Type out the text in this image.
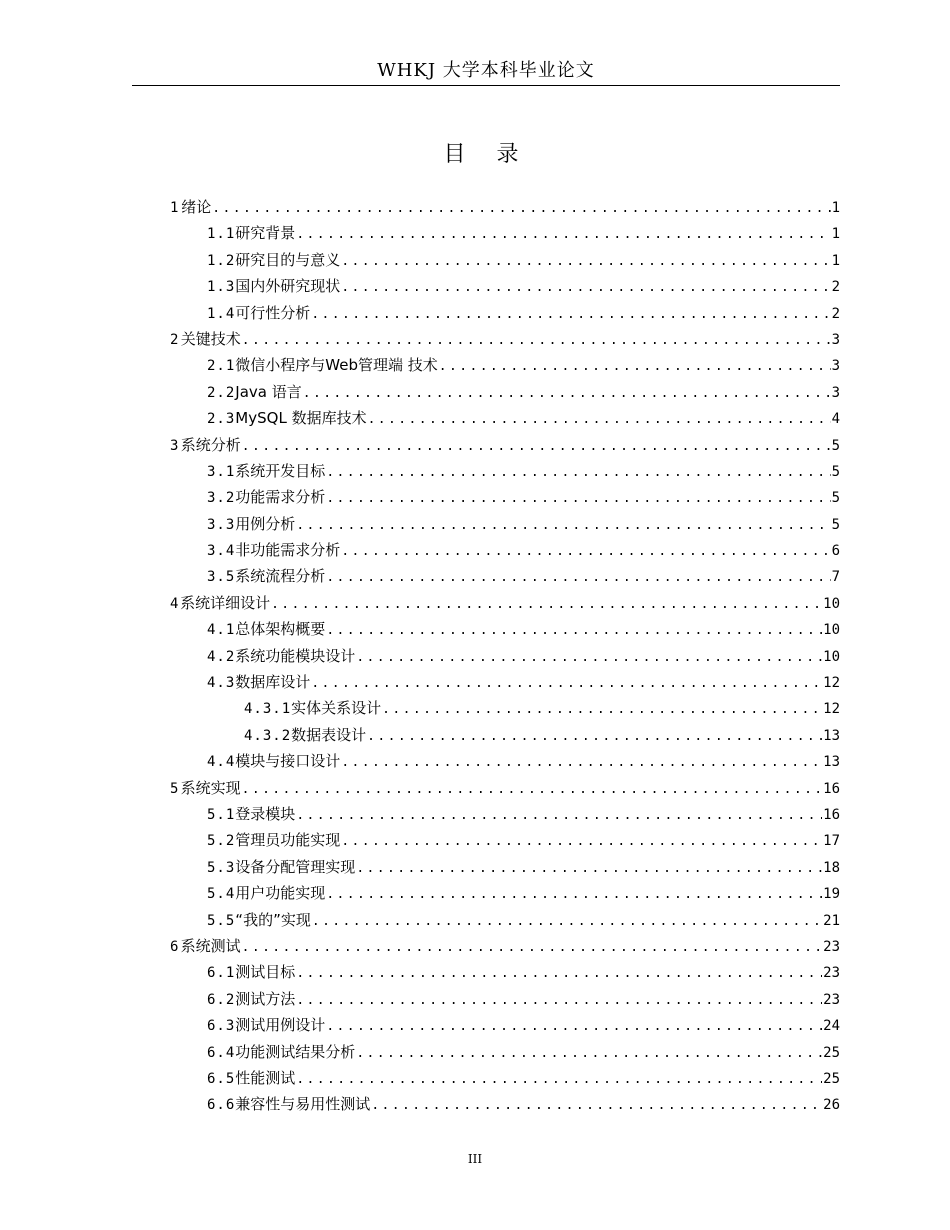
WHKJ 大学本科毕业论文
目 录
1 绪论 .....	1
1.1 研究背景 .....	1
1.2 研究目的与意义 .....	1
1.3 国内外研究现状 .....	2
1.4 可行性分析 .....	2
2 关键技术 .....	3
2.1 微信小程序与Web管理端 技术 .....	3
2.2 Java 语言 .....	3
2.3 MySQL 数据库技术 .....	4
3 系统分析 .....	5
3.1 系统开发目标 .....	5
3.2 功能需求分析 .....	5
3.3 用例分析 .....	5
3.4 非功能需求分析 .....	6
3.5 系统流程分析 .....	7
4 系统详细设计 .....	10
4.1 总体架构概要 .....	10
4.2 系统功能模块设计 .....	10
4.3 数据库设计 .....	12
4.3.1 实体关系设计 .....	12
4.3.2 数据表设计 .....	13
4.4 模块与接口设计 .....	13
5 系统实现 .....	16
5.1 登录模块 .....	16
5.2 管理员功能实现 .....	17
5.3 设备分配管理实现 .....	18
5.4 用户功能实现 .....	19
5.5 “我的”实现 .....	21
6 系统测试 .....	23
6.1 测试目标 .....	23
6.2 测试方法 .....	23
6.3 测试用例设计 .....	24
6.4 功能测试结果分析 .....	25
6.5 性能测试 .....	25
6.6 兼容性与易用性测试 .....	26
III
